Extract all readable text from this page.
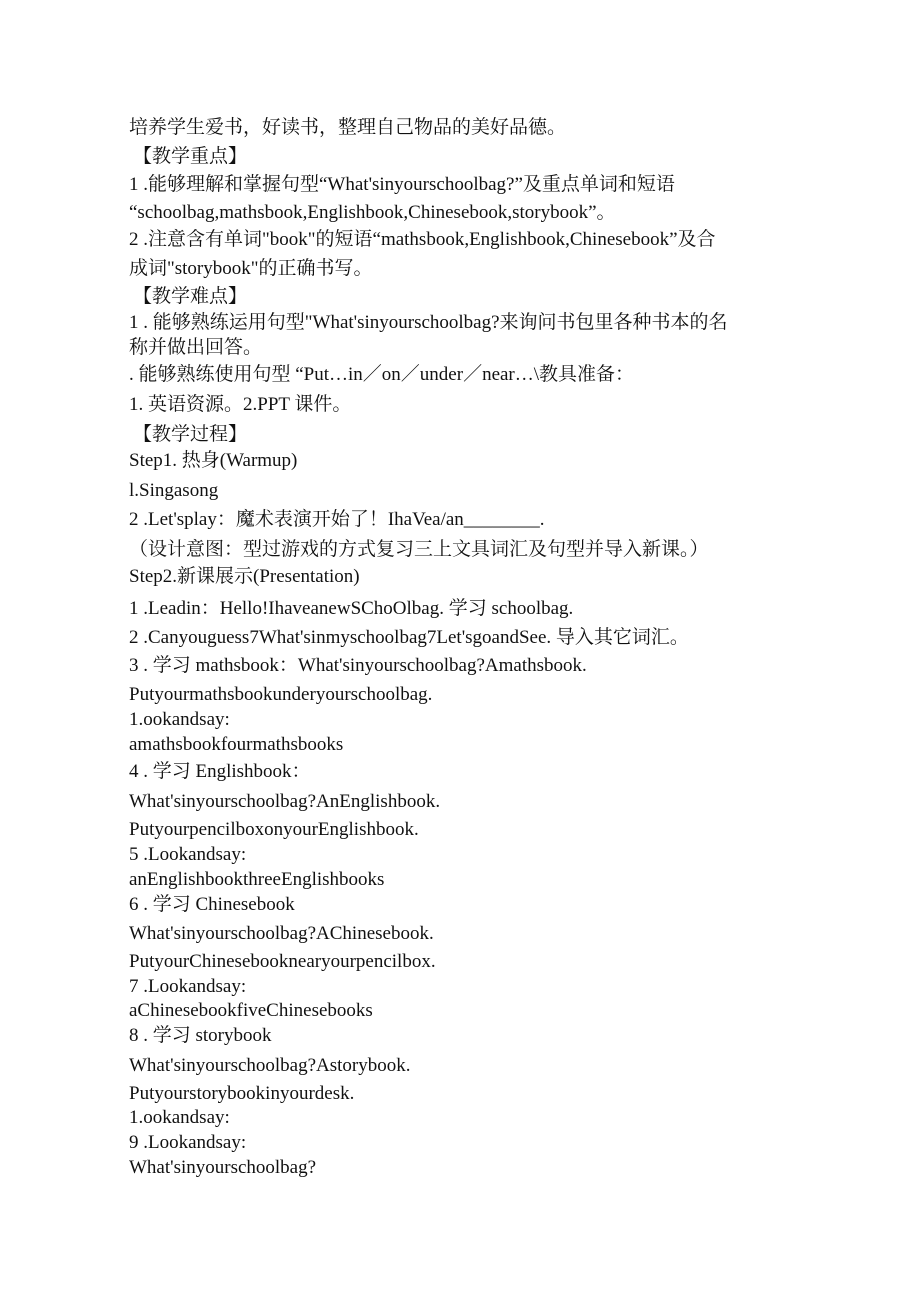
培养学生爱书，好读书，整理自己物品的美好品德。
【教学重点】
1 .能够理解和掌握句型“What'sinyourschoolbag?”及重点单词和短语
“schoolbag,mathsbook,Englishbook,Chinesebook,storybook”。
2 .注意含有单词"book"的短语“mathsbook,Englishbook,Chinesebook”及合
成词"storybook"的正确书写。
【教学难点】
1 . 能够熟练运用句型"What'sinyourschoolbag?来询问书包里各种书本的名
称并做出回答。
. 能够熟练使用句型 “Put…in／on／under／near…\教具准备：
1. 英语资源。2.PPT 课件。
【教学过程】
Step1. 热身(Warmup)
l.Singasong
2 .Let'splay：魔术表演开始了！IhaVea/an________.
（设计意图：型过游戏的方式复习三上文具词汇及句型并导入新课。）
Step2.新课展示(Presentation)
1 .Leadin：Hello!IhaveanewSChoOlbag. 学习 schoolbag.
2 .Canyouguess7What'sinmyschoolbag7Let'sgoandSee. 导入其它词汇。
3 . 学习 mathsbook：What'sinyourschoolbag?Amathsbook.
Putyourmathsbookunderyourschoolbag.
1.ookandsay:
amathsbookfourmathsbooks
4 . 学习 Englishbook：
What'sinyourschoolbag?AnEnglishbook.
PutyourpencilboxonyourEnglishbook.
5 .Lookandsay:
anEnglishbookthreeEnglishbooks
6 . 学习 Chinesebook
What'sinyourschoolbag?AChinesebook.
PutyourChinesebooknearyourpencilbox.
7 .Lookandsay:
aChinesebookfiveChinesebooks
8 . 学习 storybook
What'sinyourschoolbag?Astorybook.
Putyourstorybookinyourdesk.
1.ookandsay:
9 .Lookandsay:
What'sinyourschoolbag?
